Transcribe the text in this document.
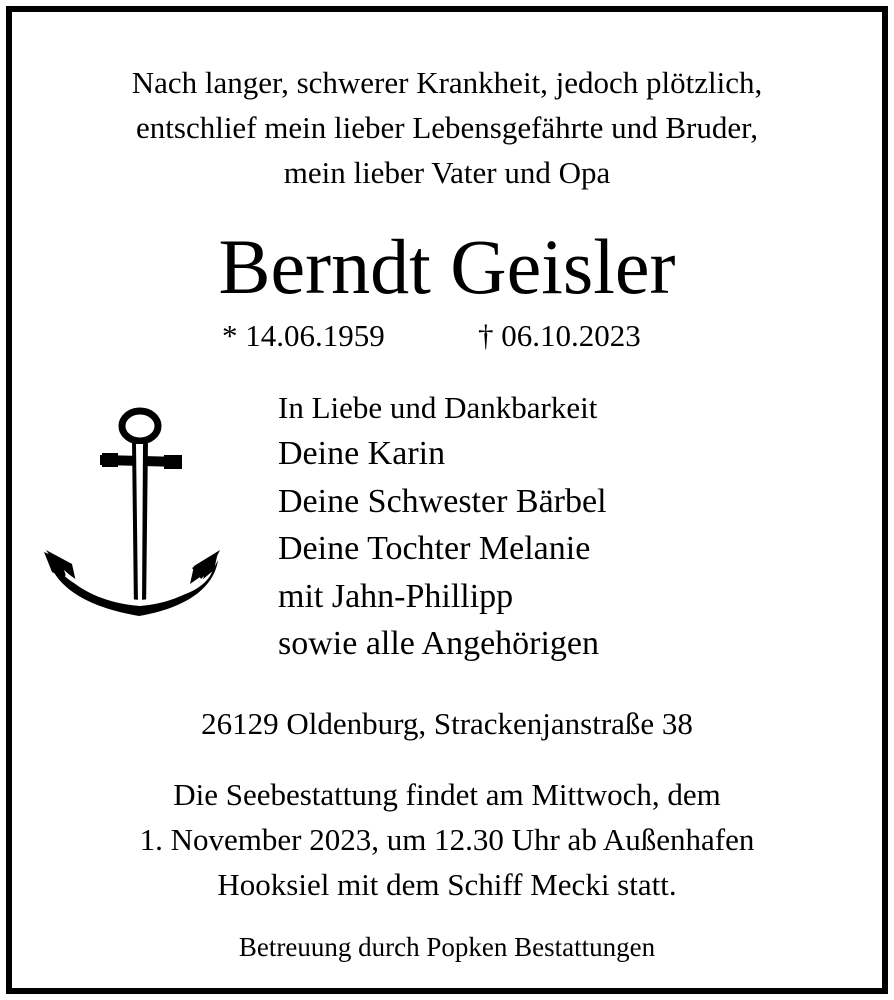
Nach langer, schwerer Krankheit, jedoch plötzlich,
entschlief mein lieber Lebensgefährte und Bruder,
mein lieber Vater und Opa
Berndt Geisler
* 14.06.1959	† 06.10.2023
In Liebe und Dankbarkeit
Deine Karin
Deine Schwester Bärbel
Deine Tochter Melanie
mit Jahn-Phillipp
sowie alle Angehörigen
26129 Oldenburg, Strackenjanstraße 38
Die Seebestattung findet am Mittwoch, dem
1. November 2023, um 12.30 Uhr ab Außenhafen
Hooksiel mit dem Schiff Mecki statt.
Betreuung durch Popken Bestattungen
